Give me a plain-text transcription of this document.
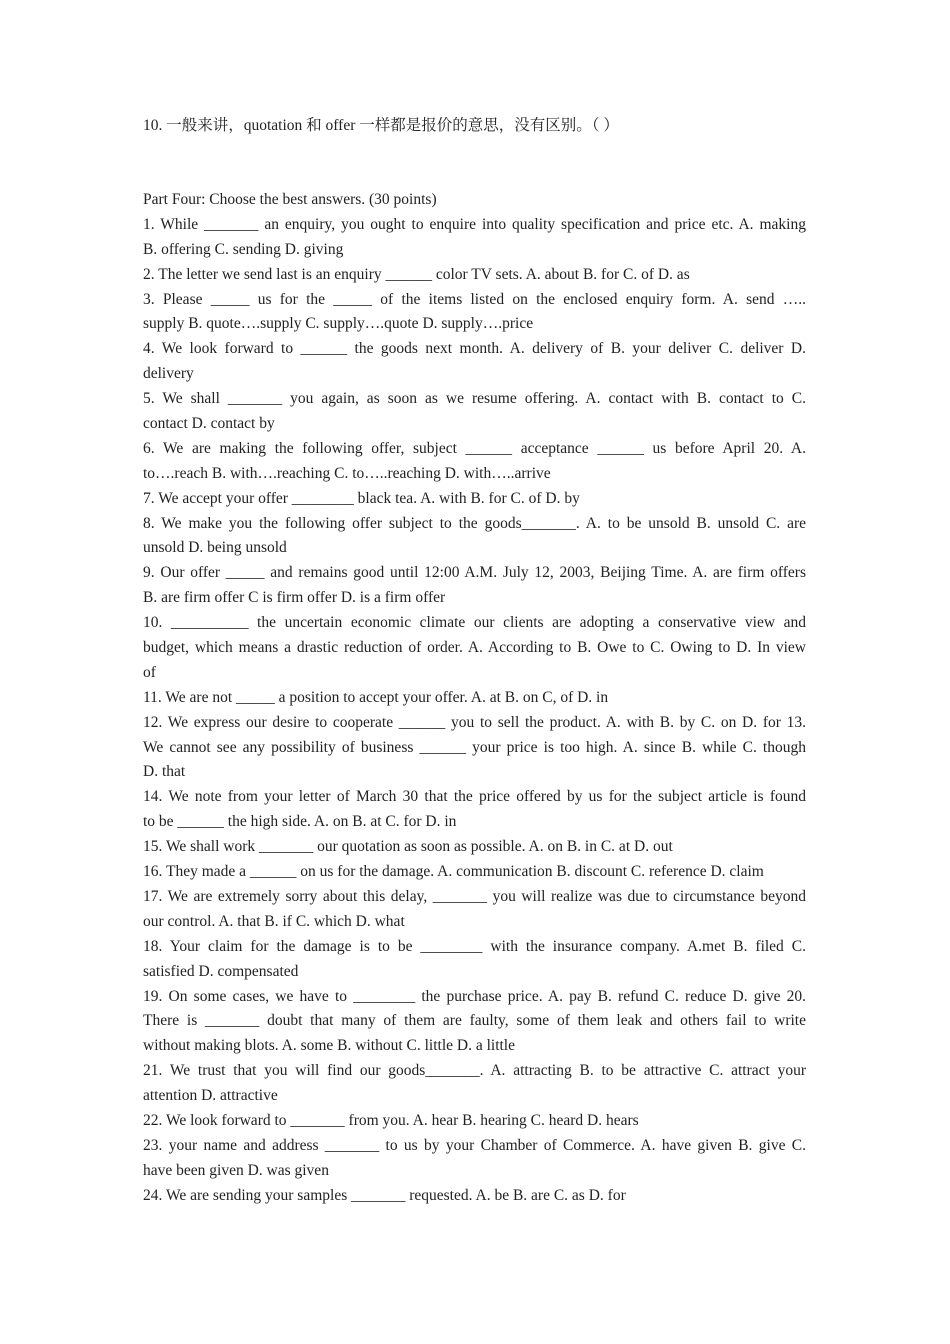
10. 一般来讲，quotation 和 offer 一样都是报价的意思，没有区别。（ ）
Part Four: Choose the best answers. (30 points)
1. While _______ an enquiry, you ought to enquire into quality specification and price etc. A. making
B. offering C. sending D. giving
2. The letter we send last is an enquiry ______ color TV sets. A. about B. for C. of D. as
3. Please _____ us for the _____ of the items listed on the enclosed enquiry form. A. send …..
supply B. quote….supply C. supply….quote D. supply….price
4. We look forward to ______ the goods next month. A. delivery of B. your deliver C. deliver D.
delivery
5. We shall _______ you again, as soon as we resume offering. A. contact with B. contact to C.
contact D. contact by
6. We are making the following offer, subject ______ acceptance ______ us before April 20. A.
to….reach B. with….reaching C. to…..reaching D. with…..arrive
7. We accept your offer ________ black tea. A. with B. for C. of D. by
8. We make you the following offer subject to the goods_______. A. to be unsold B. unsold C. are
unsold D. being unsold
9. Our offer _____ and remains good until 12:00 A.M. July 12, 2003, Beijing Time. A. are firm offers
B. are firm offer C is firm offer D. is a firm offer
10. __________ the uncertain economic climate our clients are adopting a conservative view and
budget, which means a drastic reduction of order. A. According to B. Owe to C. Owing to D. In view
of
11. We are not _____ a position to accept your offer. A. at B. on C, of D. in
12. We express our desire to cooperate ______ you to sell the product. A. with B. by C. on D. for 13.
We cannot see any possibility of business ______ your price is too high. A. since B. while C. though
D. that
14. We note from your letter of March 30 that the price offered by us for the subject article is found
to be ______ the high side. A. on B. at C. for D. in
15. We shall work _______ our quotation as soon as possible. A. on B. in C. at D. out
16. They made a ______ on us for the damage. A. communication B. discount C. reference D. claim
17. We are extremely sorry about this delay, _______ you will realize was due to circumstance beyond
our control. A. that B. if C. which D. what
18. Your claim for the damage is to be ________ with the insurance company. A.met B. filed C.
satisfied D. compensated
19. On some cases, we have to ________ the purchase price. A. pay B. refund C. reduce D. give 20.
There is _______ doubt that many of them are faulty, some of them leak and others fail to write
without making blots. A. some B. without C. little D. a little
21. We trust that you will find our goods_______. A. attracting B. to be attractive C. attract your
attention D. attractive
22. We look forward to _______ from you. A. hear B. hearing C. heard D. hears
23. your name and address _______ to us by your Chamber of Commerce. A. have given B. give C.
have been given D. was given
24. We are sending your samples _______ requested. A. be B. are C. as D. for
